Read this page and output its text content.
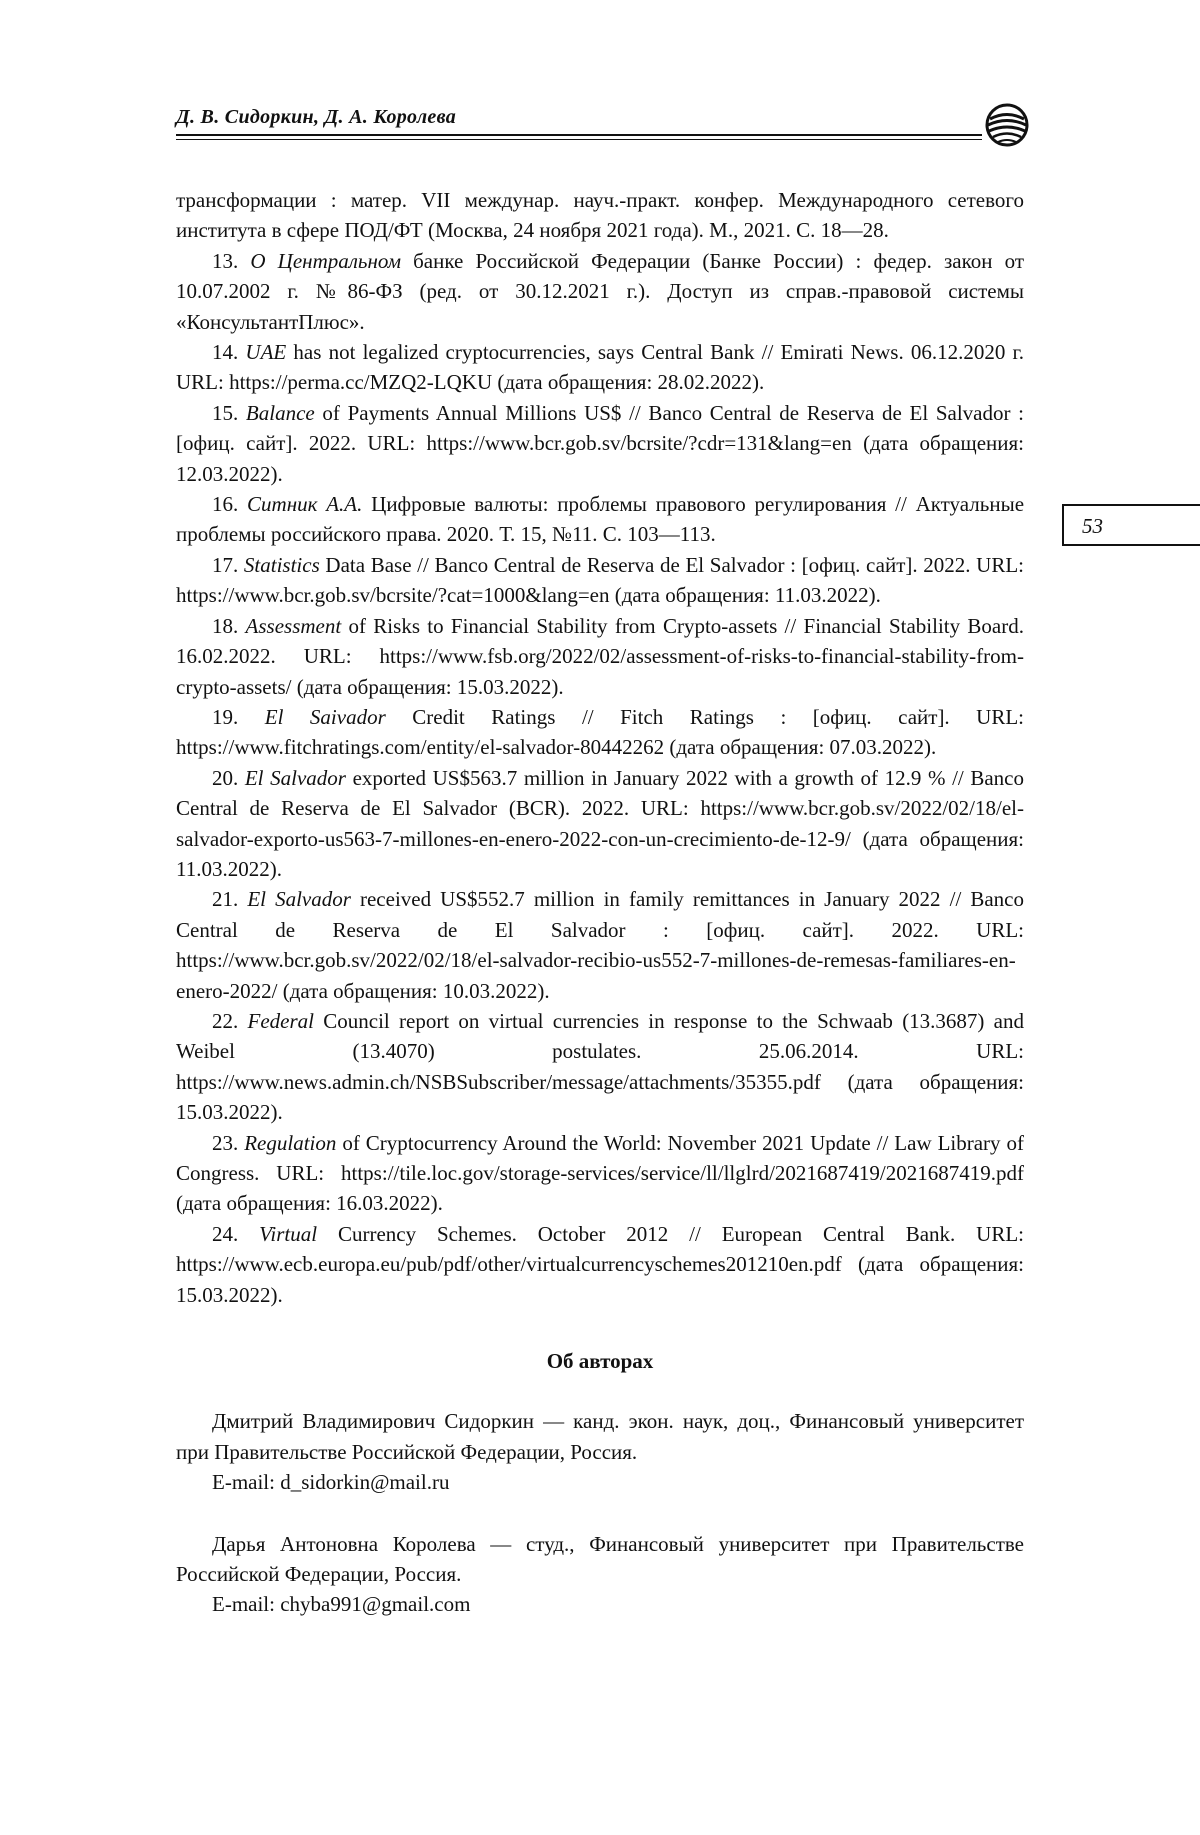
Д. В. Сидоркин, Д. А. Королева
53

трансформации : матер. VII междунар. науч.-практ. конфер. Международного сетевого института в сфере ПОД/ФТ (Москва, 24 ноября 2021 года). М., 2021. С. 18—28.

13. О Центральном банке Российской Федерации (Банке России) : федер. закон от 10.07.2002 г. №86-ФЗ (ред. от 30.12.2021 г.). Доступ из справ.-правовой системы «КонсультантПлюс».

14. UAE has not legalized cryptocurrencies, says Central Bank // Emirati News. 06.12.2020 г. URL: https://perma.cc/MZQ2-LQKU (дата обращения: 28.02.2022).

15. Balance of Payments Annual Millions US$ // Banco Central de Reserva de El Salvador : [офиц. сайт]. 2022. URL: https://www.bcr.gob.sv/bcrsite/?cdr=131&lang=en (дата обращения: 12.03.2022).

16. Ситник А.А. Цифровые валюты: проблемы правового регулирования // Актуальные проблемы российского права. 2020. Т. 15, №11. С. 103—113.

17. Statistics Data Base // Banco Central de Reserva de El Salvador : [офиц. сайт]. 2022. URL: https://www.bcr.gob.sv/bcrsite/?cat=1000&lang=en (дата обращения: 11.03.2022).

18. Assessment of Risks to Financial Stability from Crypto-assets // Financial Stability Board. 16.02.2022. URL: https://www.fsb.org/2022/02/assessment-of-risks-to-financial-stability-from-crypto-assets/ (дата обращения: 15.03.2022).

19. El Saivador Credit Ratings // Fitch Ratings : [офиц. сайт]. URL: https://www.fitchratings.com/entity/el-salvador-80442262 (дата обращения: 07.03.2022).

20. El Salvador exported US$563.7 million in January 2022 with a growth of 12.9 % // Banco Central de Reserva de El Salvador (BCR). 2022. URL: https://www.bcr.gob.sv/2022/02/18/el-salvador-exporto-us563-7-millones-en-enero-2022-con-un-crecimiento-de-12-9/ (дата обращения: 11.03.2022).

21. El Salvador received US$552.7 million in family remittances in January 2022 // Banco Central de Reserva de El Salvador : [офиц. сайт]. 2022. URL: https://www.bcr.gob.sv/2022/02/18/el-salvador-recibio-us552-7-millones-de-remesas-familiares-en-enero-2022/ (дата обращения: 10.03.2022).

22. Federal Council report on virtual currencies in response to the Schwaab (13.3687) and Weibel (13.4070) postulates. 25.06.2014. URL: https://www.news.admin.ch/NSBSubscriber/message/attachments/35355.pdf (дата обращения: 15.03.2022).

23. Regulation of Cryptocurrency Around the World: November 2021 Update // Law Library of Congress. URL: https://tile.loc.gov/storage-services/service/ll/llglrd/2021687419/2021687419.pdf (дата обращения: 16.03.2022).

24. Virtual Currency Schemes. October 2012 // European Central Bank. URL: https://www.ecb.europa.eu/pub/pdf/other/virtualcurrencyschemes201210en.pdf (дата обращения: 15.03.2022).

Об авторах

Дмитрий Владимирович Сидоркин — канд. экон. наук, доц., Финансовый университет при Правительстве Российской Федерации, Россия.

E-mail: d_sidorkin@mail.ru

Дарья Антоновна Королева — студ., Финансовый университет при Правительстве Российской Федерации, Россия.

E-mail: chyba991@gmail.com
